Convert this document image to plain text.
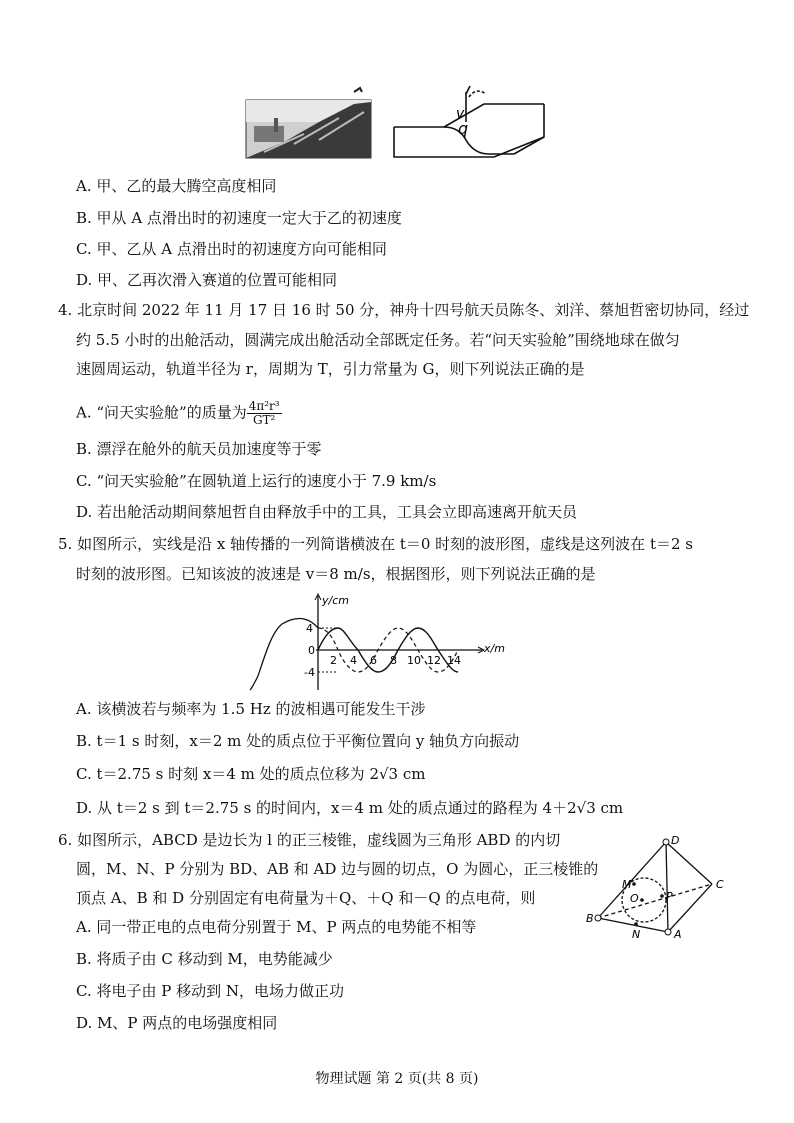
v
q
A. 甲、乙的最大腾空高度相同
B. 甲从 A 点滑出时的初速度一定大于乙的初速度
C. 甲、乙从 A 点滑出时的初速度方向可能相同
D. 甲、乙再次滑入赛道的位置可能相同
4. 北京时间 2022 年 11 月 17 日 16 时 50 分，神舟十四号航天员陈冬、刘洋、蔡旭哲密切协同，经过
约 5.5 小时的出舱活动，圆满完成出舱活动全部既定任务。若“问天实验舱”围绕地球在做匀
速圆周运动，轨道半径为 r，周期为 T，引力常量为 G，则下列说法正确的是
A. “问天实验舱”的质量为 $\frac{\text{4π²r³}}{\text{GT²}}$
B. 漂浮在舱外的航天员加速度等于零
C. “问天实验舱”在圆轨道上运行的速度小于 7.9 km/s
D. 若出舱活动期间蔡旭哲自由释放手中的工具，工具会立即高速离开航天员
5. 如图所示，实线是沿 x 轴传播的一列简谐横波在 t＝0 时刻的波形图，虚线是这列波在 t＝2 s
时刻的波形图。已知该波的波速是 v＝8 m/s，根据图形，则下列说法正确的是
y/cm
x/m
4
0
-4
2 4 6 8 10 12 14
A. 该横波若与频率为 1.5 Hz 的波相遇可能发生干涉
B. t＝1 s 时刻，x＝2 m 处的质点位于平衡位置向 y 轴负方向振动
C. t＝2.75 s 时刻 x＝4 m 处的质点位移为 2√3 cm
D. 从 t＝2 s 到 t＝2.75 s 的时间内，x＝4 m 处的质点通过的路程为 4＋2√3 cm
6. 如图所示，ABCD 是边长为 l 的正三棱锥，虚线圆为三角形 ABD 的内切
圆，M、N、P 分别为 BD、AB 和 AD 边与圆的切点，O 为圆心，正三棱锥的
顶点 A、B 和 D 分别固定有电荷量为＋Q、＋Q 和－Q 的点电荷，则
D
M
P
C
O
B
N	A
A. 同一带正电的点电荷分别置于 M、P 两点的电势能不相等
B. 将质子由 C 移动到 M，电势能减少
C. 将电子由 P 移动到 N，电场力做正功
D. M、P 两点的电场强度相同
物理试题 第 2 页(共 8 页)
